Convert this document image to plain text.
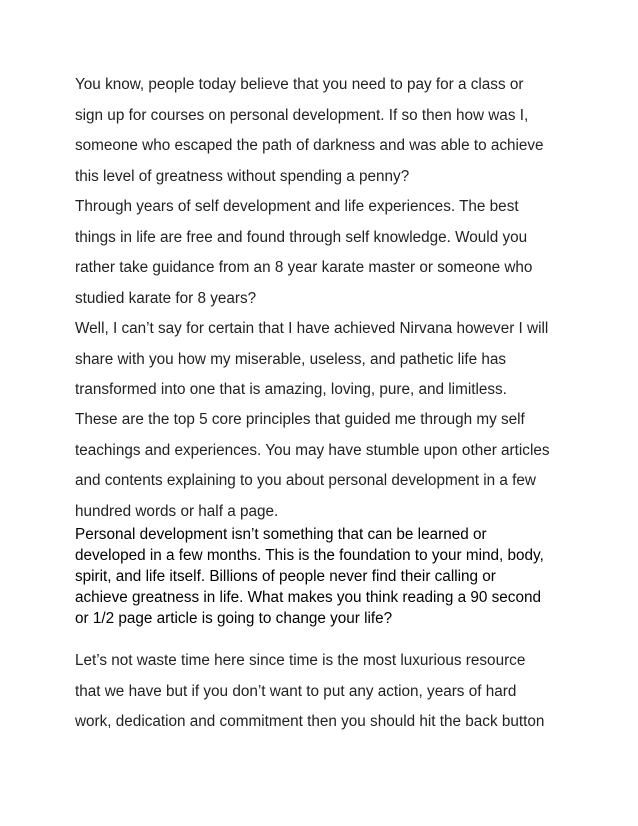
You know, people today believe that you need to pay for a class or
sign up for courses on personal development. If so then how was I,
someone who escaped the path of darkness and was able to achieve
this level of greatness without spending a penny?

Through years of self development and life experiences. The best
things in life are free and found through self knowledge. Would you
rather take guidance from an 8 year karate master or someone who
studied karate for 8 years?

Well, I can’t say for certain that I have achieved Nirvana however I will
share with you how my miserable, useless, and pathetic life has
transformed into one that is amazing, loving, pure, and limitless.

These are the top 5 core principles that guided me through my self
teachings and experiences. You may have stumble upon other articles
and contents explaining to you about personal development in a few
hundred words or half a page.

Personal development isn’t something that can be learned or
developed in a few months. This is the foundation to your mind, body,
spirit, and life itself. Billions of people never find their calling or
achieve greatness in life. What makes you think reading a 90 second
or 1/2 page article is going to change your life?

Let’s not waste time here since time is the most luxurious resource
that we have but if you don’t want to put any action, years of hard
work, dedication and commitment then you should hit the back button
